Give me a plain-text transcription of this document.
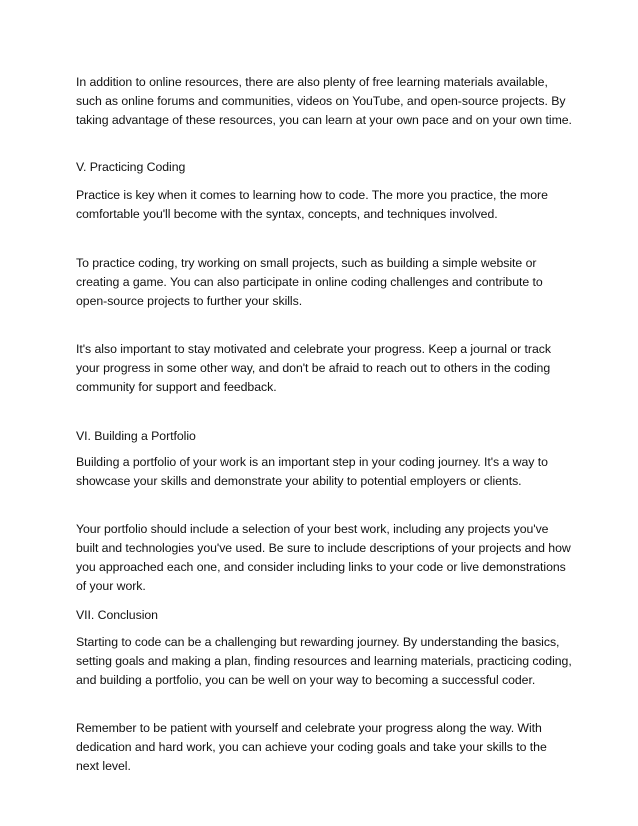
In addition to online resources, there are also plenty of free learning materials available, such as online forums and communities, videos on YouTube, and open-source projects. By taking advantage of these resources, you can learn at your own pace and on your own time.

V. Practicing Coding

Practice is key when it comes to learning how to code. The more you practice, the more comfortable you'll become with the syntax, concepts, and techniques involved.

To practice coding, try working on small projects, such as building a simple website or creating a game. You can also participate in online coding challenges and contribute to open-source projects to further your skills.

It's also important to stay motivated and celebrate your progress. Keep a journal or track your progress in some other way, and don't be afraid to reach out to others in the coding community for support and feedback.

VI. Building a Portfolio

Building a portfolio of your work is an important step in your coding journey. It's a way to showcase your skills and demonstrate your ability to potential employers or clients.

Your portfolio should include a selection of your best work, including any projects you've built and technologies you've used. Be sure to include descriptions of your projects and how you approached each one, and consider including links to your code or live demonstrations of your work.

VII. Conclusion

Starting to code can be a challenging but rewarding journey. By understanding the basics, setting goals and making a plan, finding resources and learning materials, practicing coding, and building a portfolio, you can be well on your way to becoming a successful coder.

Remember to be patient with yourself and celebrate your progress along the way. With dedication and hard work, you can achieve your coding goals and take your skills to the next level.
